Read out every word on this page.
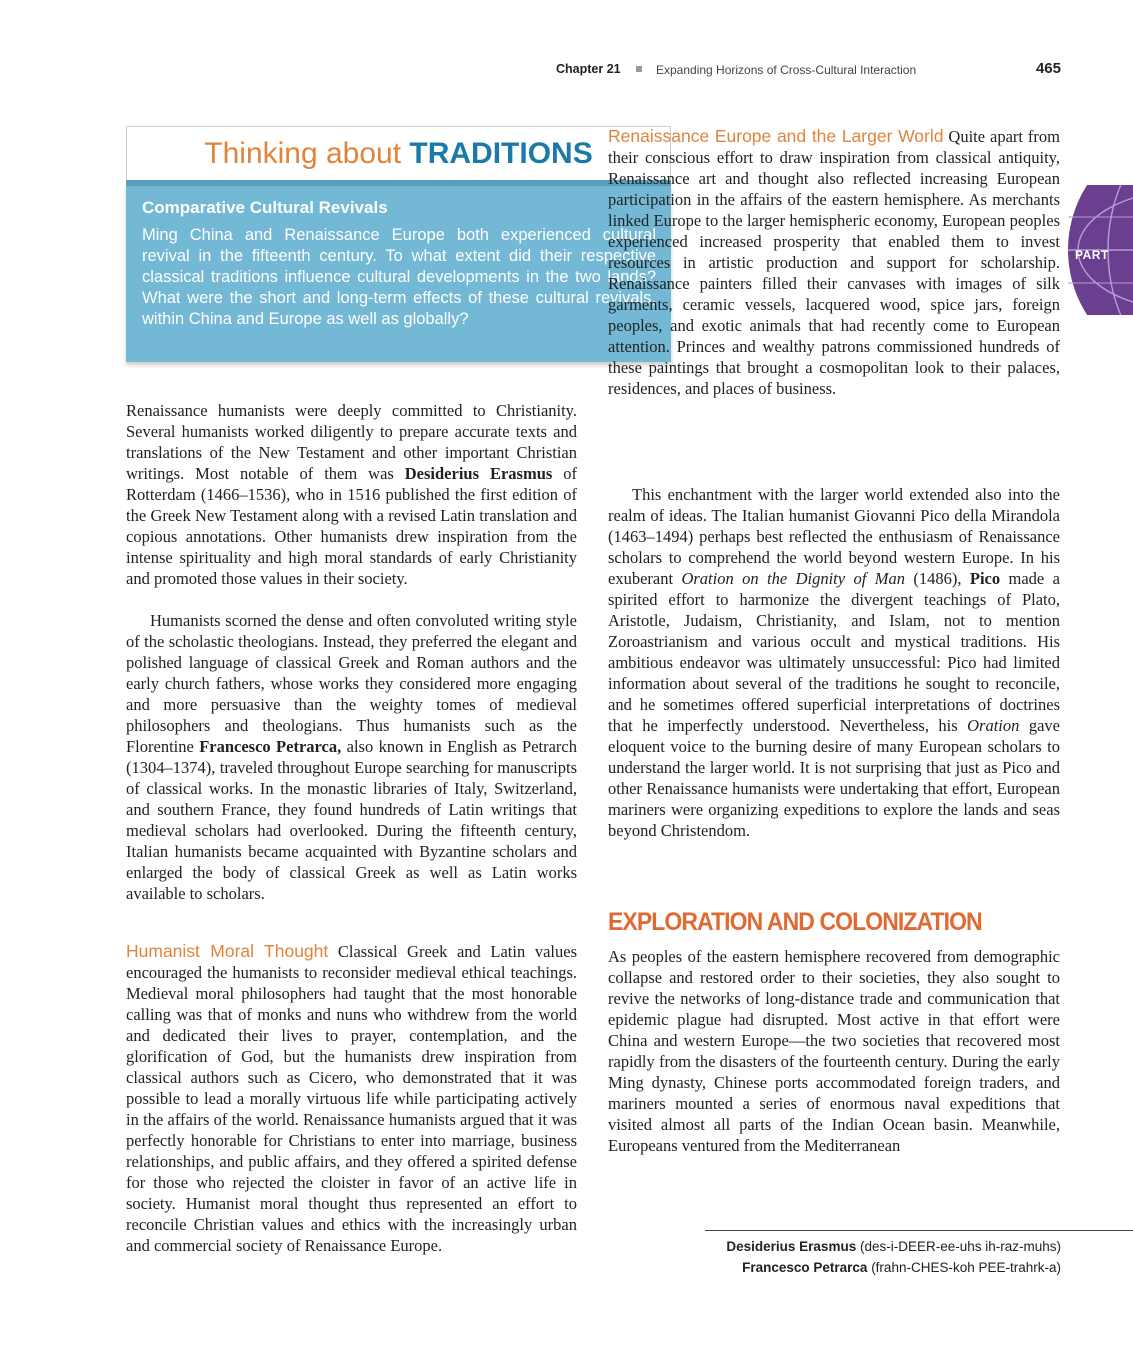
Chapter 21	Expanding Horizons of Cross-Cultural Interaction	465
PART
Thinking about TRADITIONS
Comparative Cultural Revivals

Ming China and Renaissance Europe both experienced cultural revival in the fifteenth century. To what extent did their respective classical traditions influence cultural developments in the two lands? What were the short and long-term effects of these cultural revivals, within China and Europe as well as globally?

Renaissance humanists were deeply committed to Christianity. Several humanists worked diligently to prepare accurate texts and translations of the New Testament and other important Christian writings. Most notable of them was Desiderius Erasmus of Rotterdam (1466–1536), who in 1516 published the first edition of the Greek New Testament along with a revised Latin translation and copious annotations. Other humanists drew inspiration from the intense spirituality and high moral standards of early Christianity and promoted those values in their society.

Humanists scorned the dense and often convoluted writing style of the scholastic theologians. Instead, they preferred the elegant and polished language of classical Greek and Roman authors and the early church fathers, whose works they considered more engaging and more persuasive than the weighty tomes of medieval philosophers and theologians. Thus humanists such as the Florentine Francesco Petrarca, also known in English as Petrarch (1304–1374), traveled throughout Europe searching for manuscripts of classical works. In the monastic libraries of Italy, Switzerland, and southern France, they found hundreds of Latin writings that medieval scholars had overlooked. During the fifteenth century, Italian humanists became acquainted with Byzantine scholars and enlarged the body of classical Greek as well as Latin works available to scholars.

Humanist Moral Thought Classical Greek and Latin values encouraged the humanists to reconsider medieval ethical teachings. Medieval moral philosophers had taught that the most honorable calling was that of monks and nuns who withdrew from the world and dedicated their lives to prayer, contemplation, and the glorification of God, but the humanists drew inspiration from classical authors such as Cicero, who demonstrated that it was possible to lead a morally virtuous life while participating actively in the affairs of the world. Renaissance humanists argued that it was perfectly honorable for Christians to enter into marriage, business relationships, and public affairs, and they offered a spirited defense for those who rejected the cloister in favor of an active life in society. Humanist moral thought thus represented an effort to reconcile Christian values and ethics with the increasingly urban and commercial society of Renaissance Europe.

Renaissance Europe and the Larger World Quite apart from their conscious effort to draw inspiration from classical antiquity, Renaissance art and thought also reflected increasing European participation in the affairs of the eastern hemisphere. As merchants linked Europe to the larger hemispheric economy, European peoples experienced increased prosperity that enabled them to invest resources in artistic production and support for scholarship. Renaissance painters filled their canvases with images of silk garments, ceramic vessels, lacquered wood, spice jars, foreign peoples, and exotic animals that had recently come to European attention. Princes and wealthy patrons commissioned hundreds of these paintings that brought a cosmopolitan look to their palaces, residences, and places of business.

This enchantment with the larger world extended also into the realm of ideas. The Italian humanist Giovanni Pico della Mirandola (1463–1494) perhaps best reflected the enthusiasm of Renaissance scholars to comprehend the world beyond western Europe. In his exuberant Oration on the Dignity of Man (1486), Pico made a spirited effort to harmonize the divergent teachings of Plato, Aristotle, Judaism, Christianity, and Islam, not to mention Zoroastrianism and various occult and mystical traditions. His ambitious endeavor was ultimately unsuccessful: Pico had limited information about several of the traditions he sought to reconcile, and he sometimes offered superficial interpretations of doctrines that he imperfectly understood. Nevertheless, his Oration gave eloquent voice to the burning desire of many European scholars to understand the larger world. It is not surprising that just as Pico and other Renaissance humanists were undertaking that effort, European mariners were organizing expeditions to explore the lands and seas beyond Christendom.

EXPLORATION AND COLONIZATION

As peoples of the eastern hemisphere recovered from demographic collapse and restored order to their societies, they also sought to revive the networks of long-distance trade and communication that epidemic plague had disrupted. Most active in that effort were China and western Europe—the two societies that recovered most rapidly from the disasters of the fourteenth century. During the early Ming dynasty, Chinese ports accommodated foreign traders, and mariners mounted a series of enormous naval expeditions that visited almost all parts of the Indian Ocean basin. Meanwhile, Europeans ventured from the Mediterranean

Desiderius Erasmus (des-i-DEER-ee-uhs ih-raz-muhs)
Francesco Petrarca (frahn-CHES-koh PEE-trahrk-a)
